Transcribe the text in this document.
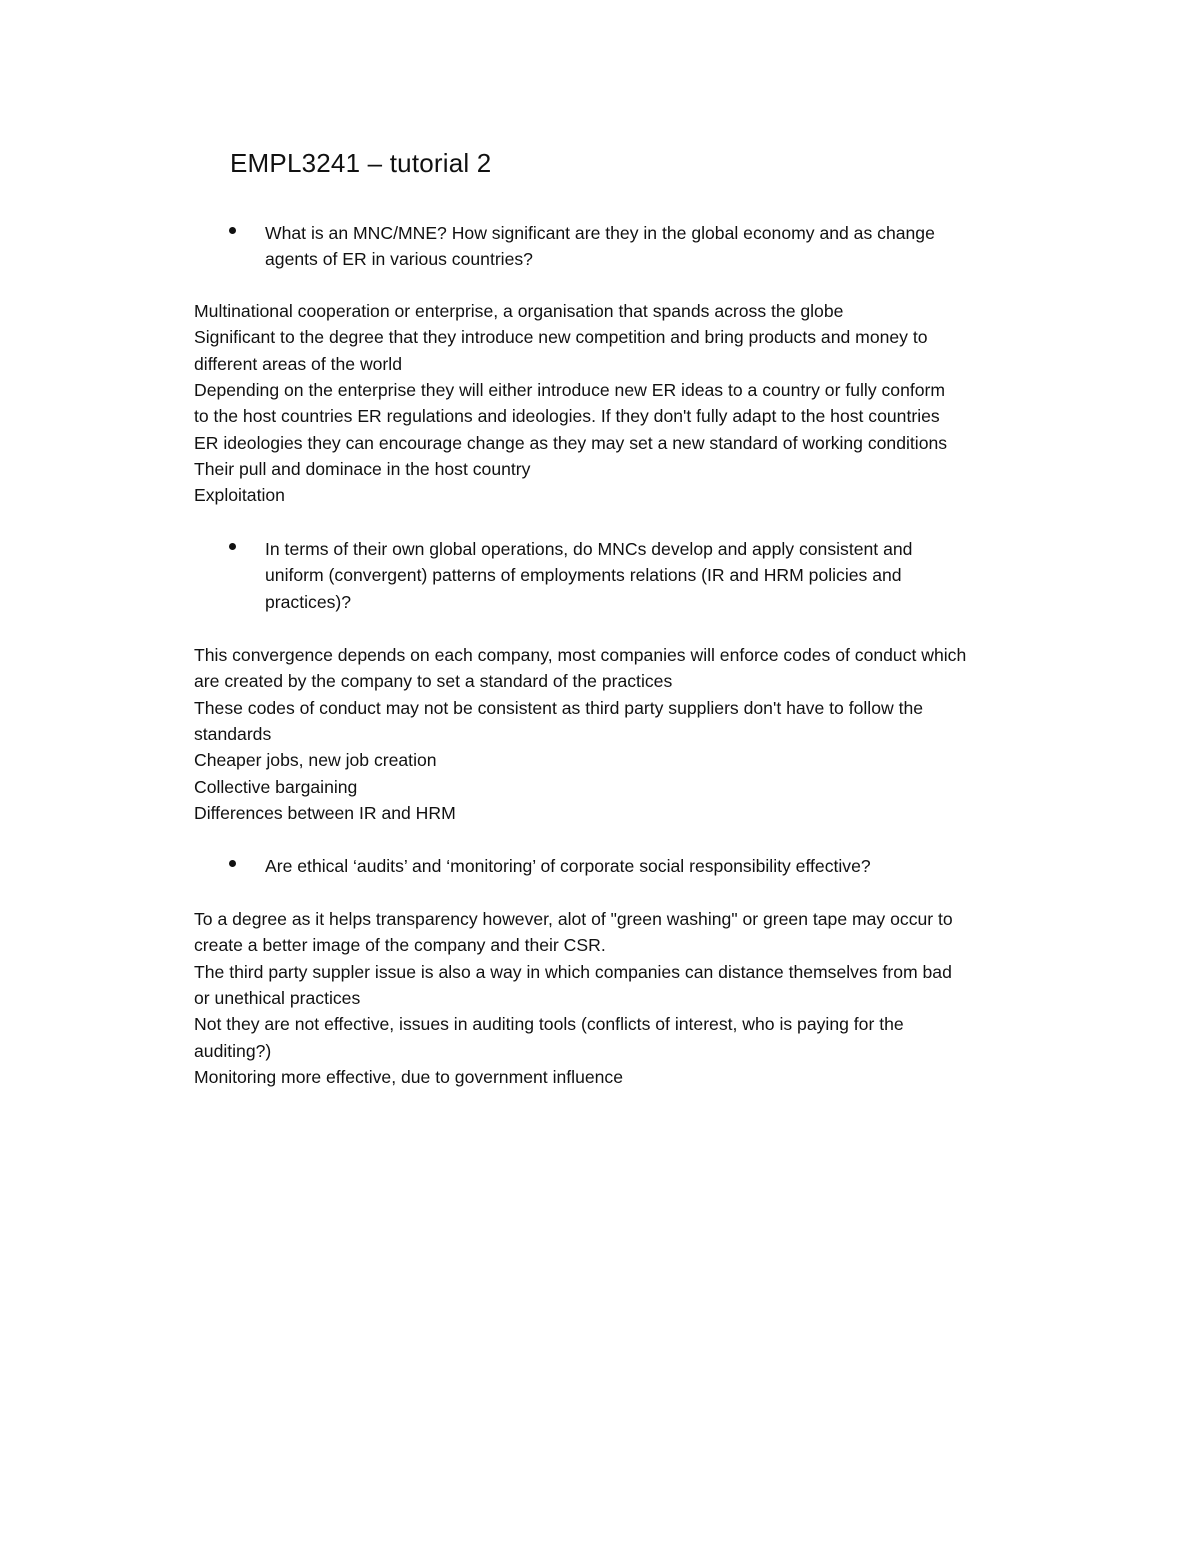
EMPL3241 – tutorial 2
What is an MNC/MNE? How significant are they in the global economy and as change
agents of ER in various countries?
Multinational cooperation or enterprise, a organisation that spands across the globe
Significant to the degree that they introduce new competition and bring products and money to
different areas of the world
Depending on the enterprise they will either introduce new ER ideas to a country or fully conform
to the host countries ER regulations and ideologies. If they don't fully adapt to the host countries
ER ideologies they can encourage change as they may set a new standard of working conditions
Their pull and dominace in the host country
Exploitation
In terms of their own global operations, do MNCs develop and apply consistent and
uniform (convergent) patterns of employments relations (IR and HRM policies and
practices)?
This convergence depends on each company, most companies will enforce codes of conduct which
are created by the company to set a standard of the practices
These codes of conduct may not be consistent as third party suppliers don't have to follow the
standards
Cheaper jobs, new job creation
Collective bargaining
Differences between IR and HRM
Are ethical ‘audits’ and ‘monitoring’ of corporate social responsibility effective?
To a degree as it helps transparency however, alot of "green washing" or green tape may occur to
create a better image of the company and their CSR.
The third party suppler issue is also a way in which companies can distance themselves from bad
or unethical practices
Not they are not effective, issues in auditing tools (conflicts of interest, who is paying for the
auditing?)
Monitoring more effective, due to government influence
